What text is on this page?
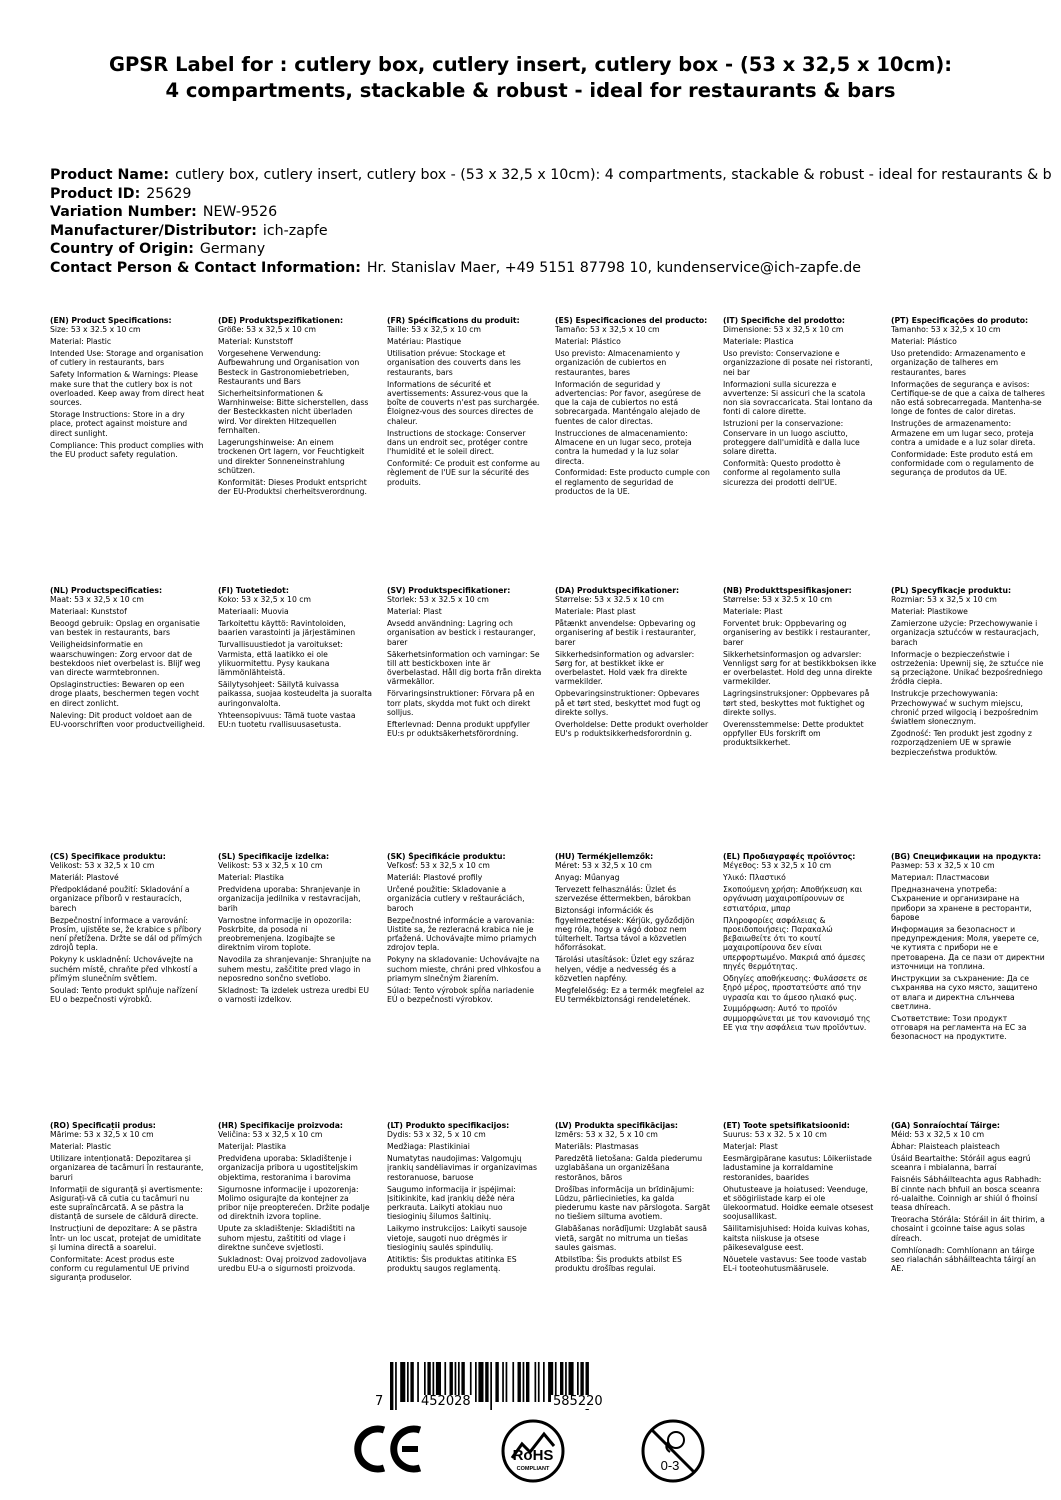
GPSR Label for : cutlery box, cutlery insert, cutlery box - (53 x 32,5 x 10cm): 4 compartments, stackable & robust - ideal for restaurants & bars
Product Name: cutlery box, cutlery insert, cutlery box - (53 x 32,5 x 10cm): 4 compartments, stackable & robust - ideal for restaurants & b
Product ID: 25629
Variation Number: NEW-9526
Manufacturer/Distributor: ich-zapfe
Country of Origin: Germany
Contact Person & Contact Information: Hr. Stanislav Maer, +49 5151 87798 10, kundenservice@ich-zapfe.de
(EN) Product Specifications:

Size: 53 x 32.5 x 10 cm

Material: Plastic

Intended Use: Storage and organisation of cutlery in restaurants, bars

Safety Information & Warnings: Please make sure that the cutlery box is not overloaded. Keep away from direct heat sources.

Storage Instructions: Store in a dry place, protect against moisture and direct sunlight.

Compliance: This product complies with the EU product safety regulation.

(DE) Produktspezifikationen:

Größe: 53 x 32,5 x 10 cm

Material: Kunststoff

Vorgesehene Verwendung: Aufbewahrung und Organisation von Besteck in Gastronomiebetrieben, Restaurants und Bars

Sicherheitsinformationen & Warnhinweise: Bitte sicherstellen, dass der Besteckkasten nicht überladen wird. Vor direkten Hitzequellen fernhalten.

Lagerungshinweise: An einem trockenen Ort lagern, vor Feuchtigkeit und direkter Sonneneinstrahlung schützen.

Konformität: Dieses Produkt entspricht der EU-Produktsi cherheitsverordnung.

(FR) Spécifications du produit:

Taille: 53 x 32,5 x 10 cm

Matériau: Plastique

Utilisation prévue: Stockage et organisation des couverts dans les restaurants, bars

Informations de sécurité et avertissements: Assurez-vous que la boîte de couverts n'est pas surchargée. Éloignez-vous des sources directes de chaleur.

Instructions de stockage: Conserver dans un endroit sec, protéger contre l'humidité et le soleil direct.

Conformité: Ce produit est conforme au règlement de l'UE sur la sécurité des produits.

(ES) Especificaciones del producto:

Tamaño: 53 x 32,5 x 10 cm

Material: Plástico

Uso previsto: Almacenamiento y organización de cubiertos en restaurantes, bares

Información de seguridad y advertencias: Por favor, asegúrese de que la caja de cubiertos no está sobrecargada. Manténgalo alejado de fuentes de calor directas.

Instrucciones de almacenamiento: Almacene en un lugar seco, proteja contra la humedad y la luz solar directa.

Conformidad: Este producto cumple con el reglamento de seguridad de productos de la UE.

(IT) Specifiche del prodotto:

Dimensione: 53 x 32,5 x 10 cm

Materiale: Plastica

Uso previsto: Conservazione e organizzazione di posate nei ristoranti, nei bar

Informazioni sulla sicurezza e avvertenze: Si assicuri che la scatola non sia sovraccaricata. Stai lontano da fonti di calore dirette.

Istruzioni per la conservazione: Conservare in un luogo asciutto, proteggere dall'umidità e dalla luce solare diretta.

Conformità: Questo prodotto è conforme al regolamento sulla sicurezza dei prodotti dell'UE.

(PT) Especificações do produto:

Tamanho: 53 x 32,5 x 10 cm

Material: Plástico

Uso pretendido: Armazenamento e organização de talheres em restaurantes, bares

Informações de segurança e avisos: Certifique-se de que a caixa de talheres não está sobrecarregada. Mantenha-se longe de fontes de calor diretas.

Instruções de armazenamento: Armazene em um lugar seco, proteja contra a umidade e a luz solar direta.

Conformidade: Este produto está em conformidade com o regulamento de segurança de produtos da UE.

(NL) Productspecificaties:

Maat: 53 x 32,5 x 10 cm

Materiaal: Kunststof

Beoogd gebruik: Opslag en organisatie van bestek in restaurants, bars

Veiligheidsinformatie en waarschuwingen: Zorg ervoor dat de bestekdoos niet overbelast is. Blijf weg van directe warmtebronnen.

Opslaginstructies: Bewaren op een droge plaats, beschermen tegen vocht en direct zonlicht.

Naleving: Dit product voldoet aan de EU-voorschriften voor productveiligheid.

(FI) Tuotetiedot:

Koko: 53 x 32,5 x 10 cm

Materiaali: Muovia

Tarkoitettu käyttö: Ravintoloiden, baarien varastointi ja järjestäminen

Turvallisuustiedot ja varoitukset: Varmista, että laatikko ei ole ylikuormitettu. Pysy kaukana lämmönlähteistä.

Säilytysohjeet: Säilytä kuivassa paikassa, suojaa kosteudelta ja suoralta auringonvalolta.

Yhteensopivuus: Tämä tuote vastaa EU:n tuotetu rvallisuusasetusta.

(SV) Produktspecifikationer:

Storlek: 53 x 32.5 x 10 cm

Material: Plast

Avsedd användning: Lagring och organisation av bestick i restauranger, barer

Säkerhetsinformation och varningar: Se till att bestickboxen inte är överbelastad. Håll dig borta från direkta värmekällor.

Förvaringsinstruktioner: Förvara på en torr plats, skydda mot fukt och direkt solljus.

Efterlevnad: Denna produkt uppfyller EU:s pr oduktsäkerhetsförordning.

(DA) Produktspecifikationer:

Størrelse: 53 x 32.5 x 10 cm

Materiale: Plast plast

Påtænkt anvendelse: Opbevaring og organisering af bestik i restauranter, barer

Sikkerhedsinformation og advarsler: Sørg for, at bestikket ikke er overbelastet. Hold væk fra direkte varmekilder.

Opbevaringsinstruktioner: Opbevares på et tørt sted, beskyttet mod fugt og direkte sollys.

Overholdelse: Dette produkt overholder EU's p roduktsikkerhedsforordnin g.

(NB) Produkttspesifikasjoner:

Størrelse: 53 x 32.5 x 10 cm

Materiale: Plast

Forventet bruk: Oppbevaring og organisering av bestikk i restauranter, barer

Sikkerhetsinformasjon og advarsler: Vennligst sørg for at bestikkboksen ikke er overbelastet. Hold deg unna direkte varmekilder.

Lagringsinstruksjoner: Oppbevares på tørt sted, beskyttes mot fuktighet og direkte sollys.

Overensstemmelse: Dette produktet oppfyller EUs forskrift om produktsikkerhet.

(PL) Specyfikacje produktu:

Rozmiar: 53 x 32,5 x 10 cm

Materiał: Plastikowe

Zamierzone użycie: Przechowywanie i organizacja sztućców w restauracjach, barach

Informacje o bezpieczeństwie i ostrzeżenia: Upewnij się, że sztućce nie są przeciążone. Unikać bezpośredniego źródła ciepła.

Instrukcje przechowywania: Przechowywać w suchym miejscu, chronić przed wilgocią i bezpośrednim światłem słonecznym.

Zgodność: Ten produkt jest zgodny z rozporządzeniem UE w sprawie bezpieczeństwa produktów.

(CS) Specifikace produktu:

Velikost: 53 x 32,5 x 10 cm

Materiál: Plastové

Předpokládané použití: Skladování a organizace příborů v restauracích, barech

Bezpečnostní informace a varování: Prosím, ujistěte se, že krabice s příbory není přetížena. Držte se dál od přímých zdrojů tepla.

Pokyny k uskladnění: Uchovávejte na suchém místě, chraňte před vlhkostí a přímým slunečním světlem.

Soulad: Tento produkt splňuje nařízení EU o bezpečnosti výrobků.

(SL) Specifikacije izdelka:

Velikost: 53 x 32,5 x 10 cm

Material: Plastika

Predvidena uporaba: Shranjevanje in organizacija jedilnika v restavracijah, barih

Varnostne informacije in opozorila: Poskrbite, da posoda ni preobremenjena. Izogibajte se direktnim virom toplote.

Navodila za shranjevanje: Shranjujte na suhem mestu, zaščitite pred vlago in neposredno sončno svetlobo.

Skladnost: Ta izdelek ustreza uredbi EU o varnosti izdelkov.

(SK) Špecifikácie produktu:

Veľkosť: 53 x 32,5 x 10 cm

Materiál: Plastové profily

Určené použitie: Skladovanie a organizácia cutlery v reštauráciách, baroch

Bezpečnostné informácie a varovania: Uistite sa, že rezleracná krabica nie je prťažená. Uchovávajte mimo priamych zdrojov tepla.

Pokyny na skladovanie: Uchovávajte na suchom mieste, chráni pred vlhkosťou a priamym slnečným žiarením.

Súlad: Tento výrobok spĺňa nariadenie EÚ o bezpečnosti výrobkov.

(HU) Termékjellemzők:

Méret: 53 x 32,5 x 10 cm

Anyag: Műanyag

Tervezett felhasználás: Üzlet és szervezése éttermekben, bárokban

Biztonsági információk és figyelmeztetések: Kérjük, győződjön meg róla, hogy a vágó doboz nem túlterhelt. Tartsa távol a közvetlen hőforrásokat.

Tárolási utasítások: Üzlet egy száraz helyen, védje a nedvesség és a közvetlen napfény.

Megfelelőség: Ez a termék megfelel az EU termékbiztonsági rendeletének.

(EL) Προδιαγραφές προϊόντος:

Μέγεθος: 53 x 32,5 x 10 cm

Υλικό: Πλαστικό

Σκοπούμενη χρήση: Αποθήκευση και οργάνωση μαχαιροπίρουνων σε εστιατόρια, μπαρ

Πληροφορίες ασφάλειας & προειδοποιήσεις: Παρακαλώ βεβαιωθείτε ότι το κουτί μαχαιροπίρουνα δεν είναι υπερφορτωμένο. Μακριά από άμεσες πηγές θερμότητας.

Οδηγίες αποθήκευσης: Φυλάσσετε σε ξηρό μέρος, προστατεύστε από την υγρασία και το άμεσο ηλιακό φως.

Συμμόρφωση: Αυτό το προϊόν συμμορφώνεται με τον κανονισμό της ΕΕ για την ασφάλεια των προϊόντων.

(BG) Спецификации на продукта:

Размер: 53 x 32,5 x 10 cm

Материал: Пластмасови

Предназначена употреба: Съхранение и организиране на прибори за хранене в ресторанти, барове

Информация за безопасност и предупреждения: Моля, уверете се, че кутията с прибори не е претоварена. Да се пази от директни източници на топлина.

Инструкции за съхранение: Да се съхранява на сухо място, защитено от влага и директна слънчева светлина.

Съответствие: Този продукт отговаря на регламента на ЕС за безопасност на продуктите.

(RO) Specificații produs:

Mărime: 53 x 32,5 x 10 cm

Material: Plastic

Utilizare intenționată: Depozitarea și organizarea de tacâmuri în restaurante, baruri

Informații de siguranță și avertismente: Asigurați-vă că cutia cu tacâmuri nu este supraîncărcată. A se păstra la distanță de sursele de căldură directe.

Instrucțiuni de depozitare: A se păstra într- un loc uscat, protejat de umiditate și lumina directă a soarelui.

Conformitate: Acest produs este conform cu regulamentul UE privind siguranța produselor.

(HR) Specifikacije proizvoda:

Veličina: 53 x 32,5 x 10 cm

Materijal: Plastika

Predviđena uporaba: Skladištenje i organizacija pribora u ugostiteljskim objektima, restoranima i barovima

Sigurnosne informacije i upozorenja: Molimo osigurajte da kontejner za pribor nije preopterećen. Držite podalje od direktnih izvora topline.

Upute za skladištenje: Skladištiti na suhom mjestu, zaštititi od vlage i direktne sunčeve svjetlosti.

Sukladnost: Ovaj proizvod zadovoljava uredbu EU-a o sigurnosti proizvoda.

(LT) Produkto specifikacijos:

Dydis: 53 x 32, 5 x 10 cm

Medžiaga: Plastikiniai

Numatytas naudojimas: Valgomųjų įrankių sandėliavimas ir organizavimas restoranuose, baruose

Saugumo informacija ir įspėjimai: Įsitikinkite, kad įrankių dėžė nėra perkrauta. Laikyti atokiau nuo tiesioginių šilumos šaltinių.

Laikymo instrukcijos: Laikyti sausoje vietoje, saugoti nuo drėgmės ir tiesioginių saulės spindulių.

Atitiktis: Šis produktas atitinka ES produktų saugos reglamentą.

(LV) Produkta specifikācijas:

Izmērs: 53 x 32, 5 x 10 cm

Materiāls: Plastmasas

Paredzētā lietošana: Galda piederumu uzglabāšana un organizēšana restorānos, bāros

Drošības informācija un brīdinājumi: Lūdzu, pārliecinieties, ka galda piederumu kaste nav pārslogota. Sargāt no tiešiem siltuma avotiem.

Glabāšanas norādījumi: Uzglabāt sausā vietā, sargāt no mitruma un tiešas saules gaismas.

Atbilstība: Šis produkts atbilst ES produktu drošības regulai.

(ET) Toote spetsifikatsioonid:

Suurus: 53 x 32. 5 x 10 cm

Materjal: Plast

Eesmärgipärane kasutus: Lõikeriistade ladustamine ja korraldamine restoranides, baarides

Ohutusteave ja hoiatused: Veenduge, et söögiriistade karp ei ole ülekoormatud. Hoidke eemale otsesest soojusallikast.

Säilitamisjuhised: Hoida kuivas kohas, kaitsta niiskuse ja otsese päikesevalguse eest.

Nõuetele vastavus: See toode vastab EL-i tooteohutusmäärusele.

(GA) Sonraíochtaí Táirge:

Méid: 53 x 32,5 x 10 cm

Ábhar: Plaisteach plaisteach

Úsáid Beartaithe: Stóráil agus eagrú sceanra i mbialanna, barraí

Faisnéis Sábháilteachta agus Rabhadh: Bí cinnte nach bhfuil an bosca sceanra ró-ualaithe. Coinnigh ar shiúl ó fhoinsí teasa dhíreach.

Treoracha Stórála: Stóráil in áit thirim, a chosaint i gcoinne taise agus solas díreach.

Comhlíonadh: Comhlíonann an táirge seo rialachán sábháilteachta táirgí an AE.

7	452028	585220
RoHS
COMPLIANT	0-3
